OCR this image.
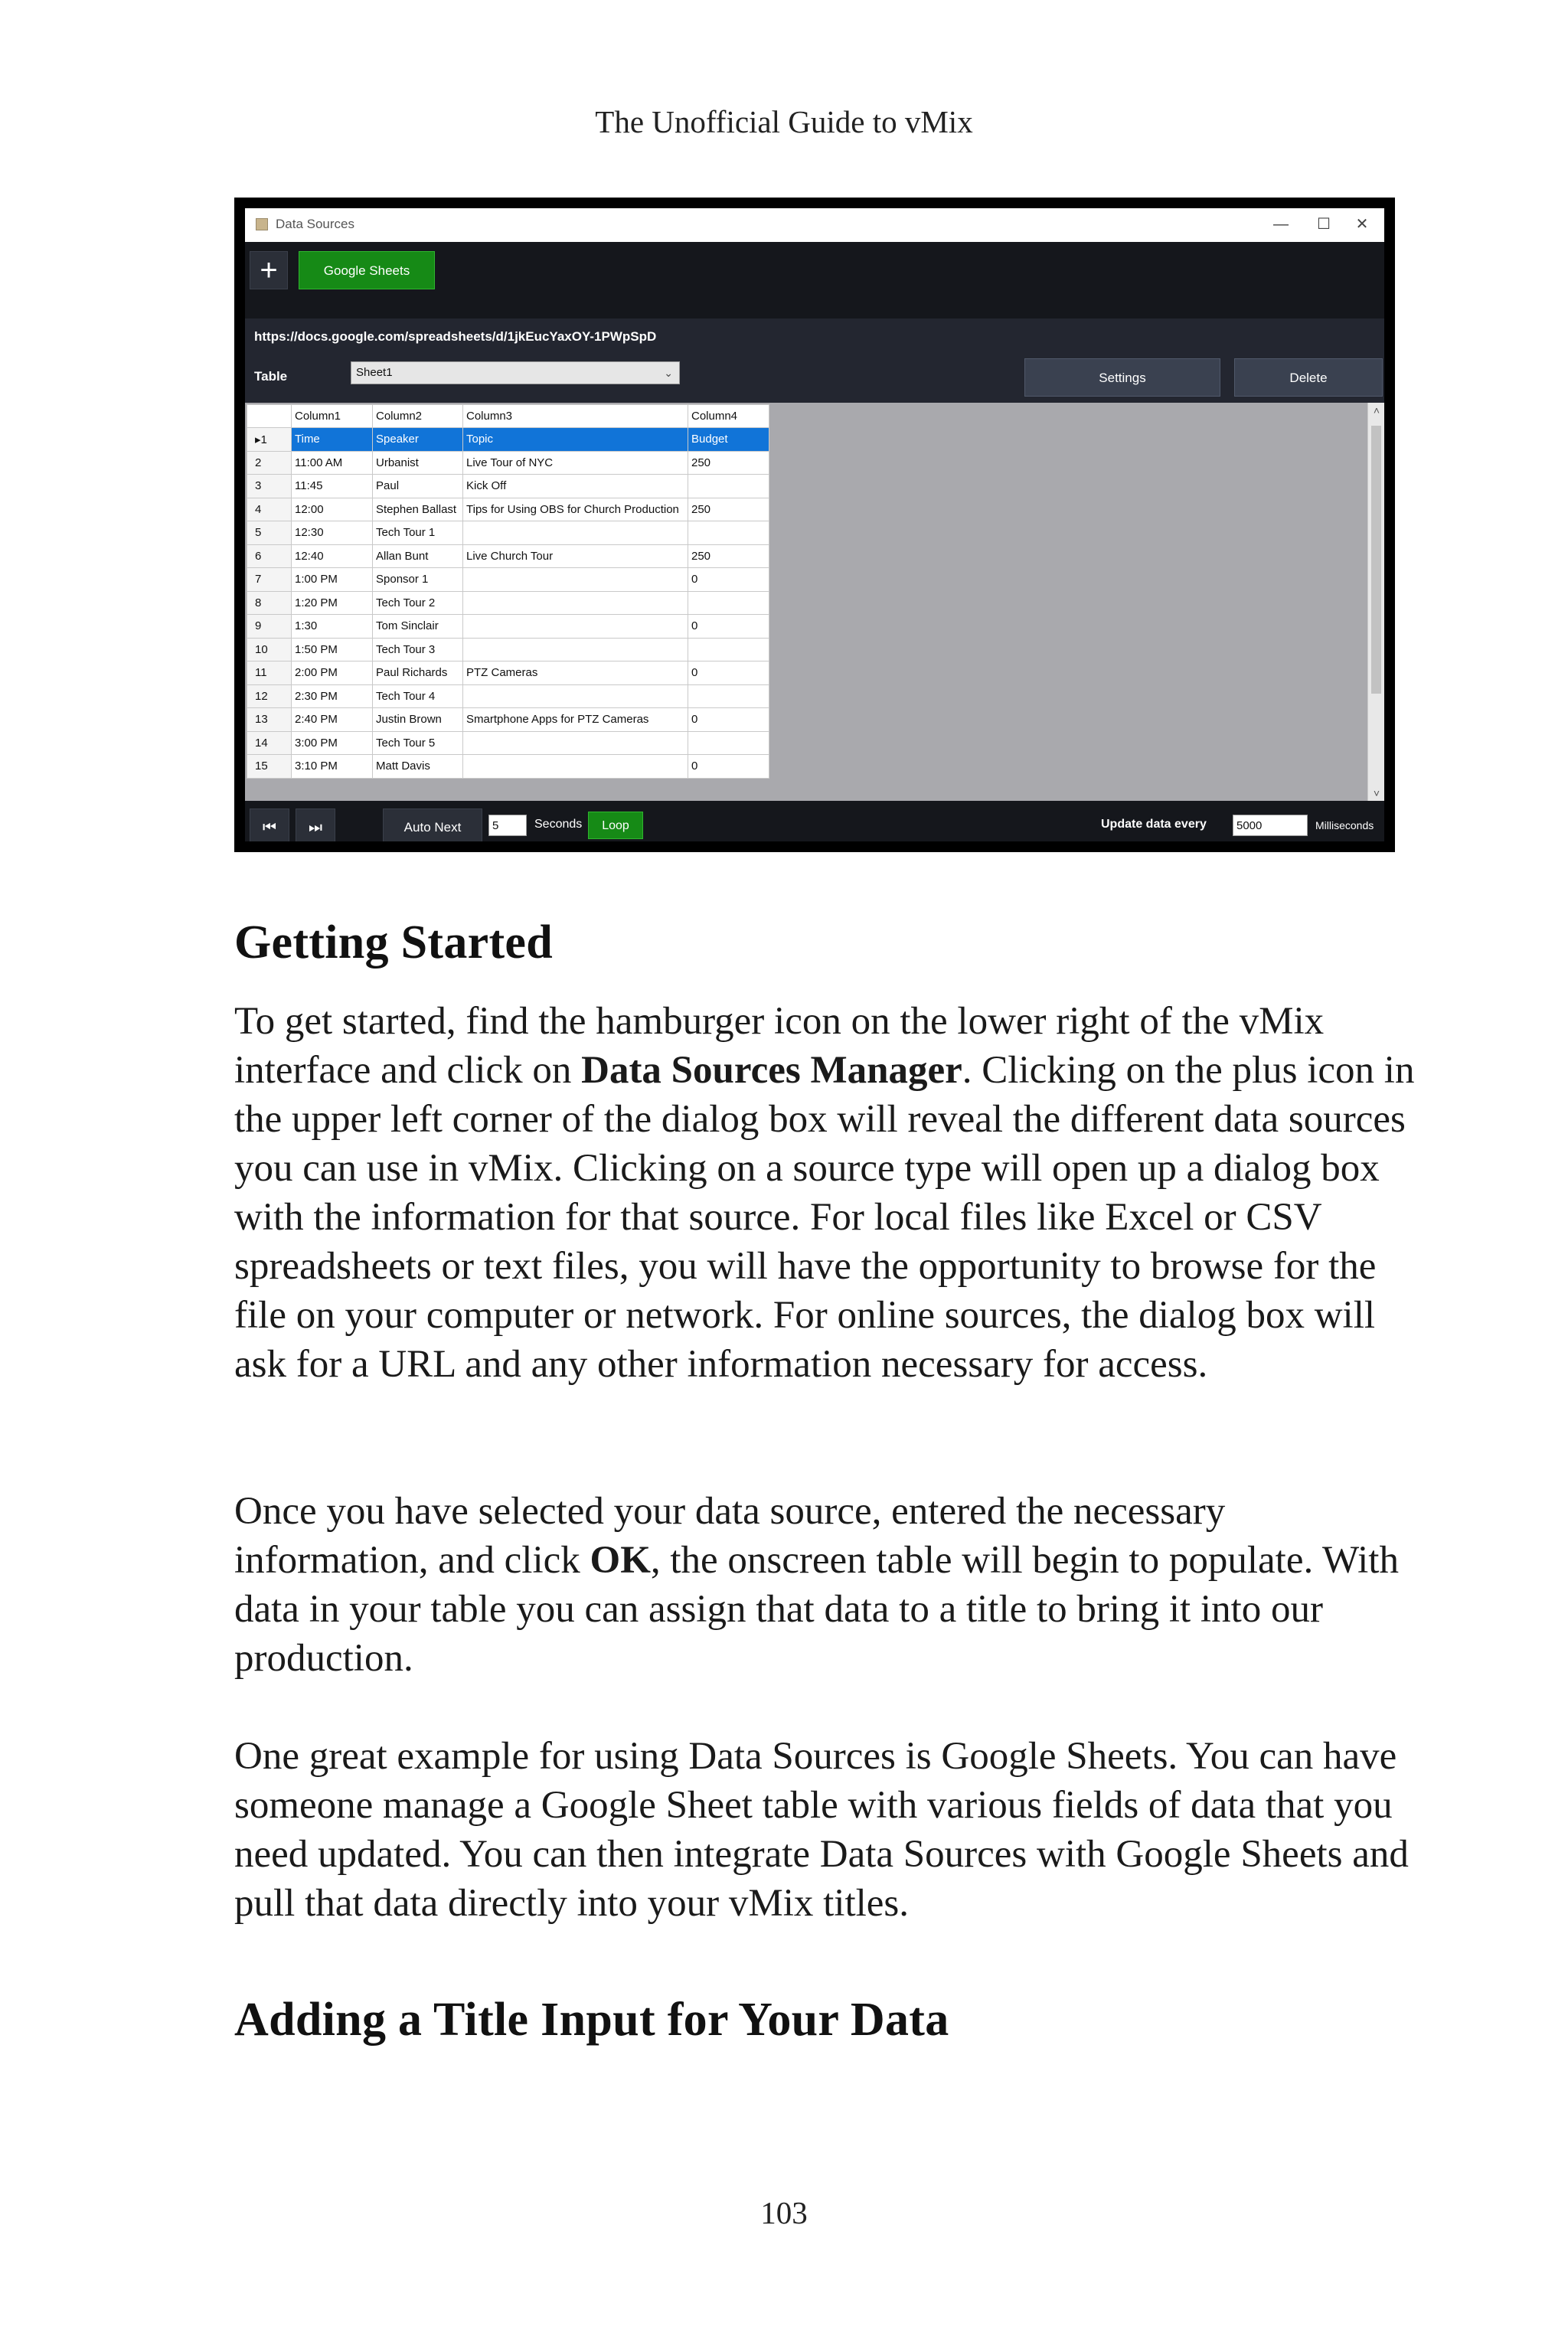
The Unofficial Guide to vMix
Data Sources	—	☐	✕
+	Google Sheets
https://docs.google.com/spreadsheets/d/1jkEucYaxOY-1PWpSpD
Table	Sheet1	⌄	Settings	Delete
	Column1	Column2	Column3	Column4
▸1	Time	Speaker	Topic	Budget
2	11:00 AM	Urbanist	Live Tour of NYC	250
3	11:45	Paul	Kick Off	
4	12:00	Stephen Ballast	Tips for Using OBS for Church Production	250
5	12:30	Tech Tour 1		
6	12:40	Allan Bunt	Live Church Tour	250
7	1:00 PM	Sponsor 1		0
8	1:20 PM	Tech Tour 2		
9	1:30	Tom Sinclair		0
10	1:50 PM	Tech Tour 3		
11	2:00 PM	Paul Richards	PTZ Cameras	0
12	2:30 PM	Tech Tour 4		
13	2:40 PM	Justin Brown	Smartphone Apps for PTZ Cameras	0
14	3:00 PM	Tech Tour 5		
15	3:10 PM	Matt Davis		0
˄
˅
⏮	⏭	Auto Next	5	Seconds	Loop	Update data every	5000	Milliseconds
Getting Started

To get started, find the hamburger icon on the lower right of the vMix interface and click on Data Sources Manager. Clicking on the plus icon in the upper left corner of the dialog box will reveal the different data sources you can use in vMix. Clicking on a source type will open up a dialog box with the information for that source. For local files like Excel or CSV spreadsheets or text files, you will have the opportunity to browse for the file on your computer or network. For online sources, the dialog box will ask for a URL and any other information necessary for access.

Once you have selected your data source, entered the necessary information, and click OK, the onscreen table will begin to populate. With data in your table you can assign that data to a title to bring it into our production.

One great example for using Data Sources is Google Sheets. You can have someone manage a Google Sheet table with various fields of data that you need updated. You can then integrate Data Sources with Google Sheets and pull that data directly into your vMix titles.

Adding a Title Input for Your Data
103
